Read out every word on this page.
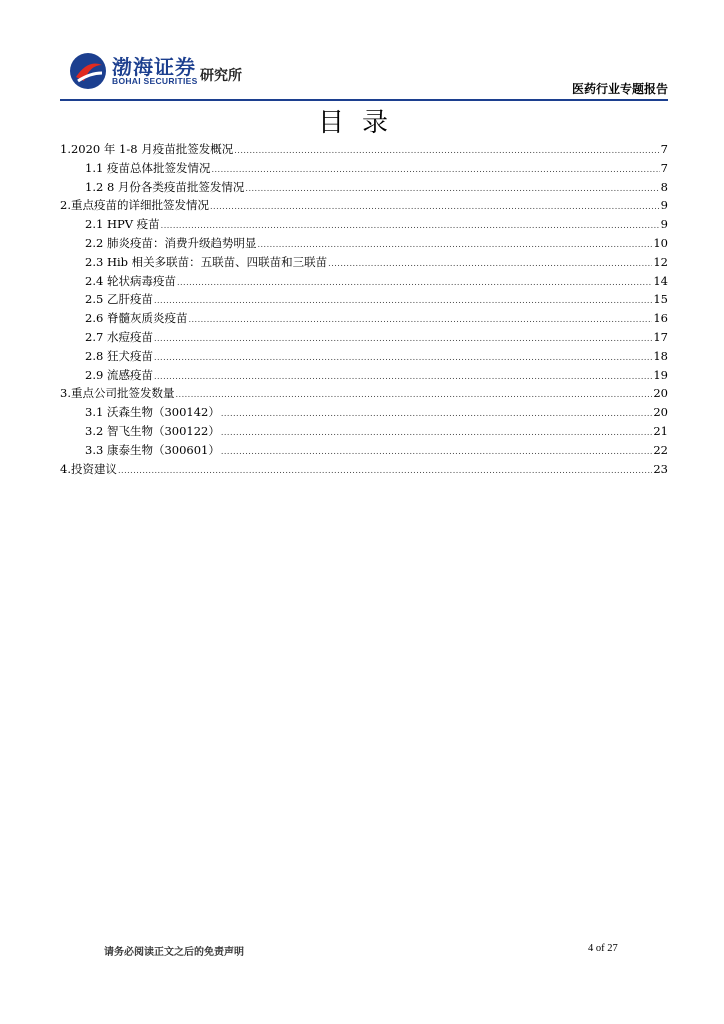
渤海证券
BOHAI SECURITIES 研究所
医药行业专题报告
目录
1.2020 年 1-8 月疫苗批签发概况 .....	7
1.1 疫苗总体批签发情况 .....	7
1.2 8 月份各类疫苗批签发情况 .....	8
2.重点疫苗的详细批签发情况 .....	9
2.1 HPV 疫苗 .....	9
2.2 肺炎疫苗：消费升级趋势明显 .....	10
2.3 Hib 相关多联苗：五联苗、四联苗和三联苗 .....	12
2.4 轮状病毒疫苗 .....	14
2.5 乙肝疫苗 .....	15
2.6 脊髓灰质炎疫苗 .....	16
2.7 水痘疫苗 .....	17
2.8 狂犬疫苗 .....	18
2.9 流感疫苗 .....	19
3.重点公司批签发数量 .....	20
3.1 沃森生物（300142） .....	20
3.2 智飞生物（300122） .....	21
3.3 康泰生物（300601） .....	22
4.投资建议 .....	23
请务必阅读正文之后的免责声明	4 of 27
